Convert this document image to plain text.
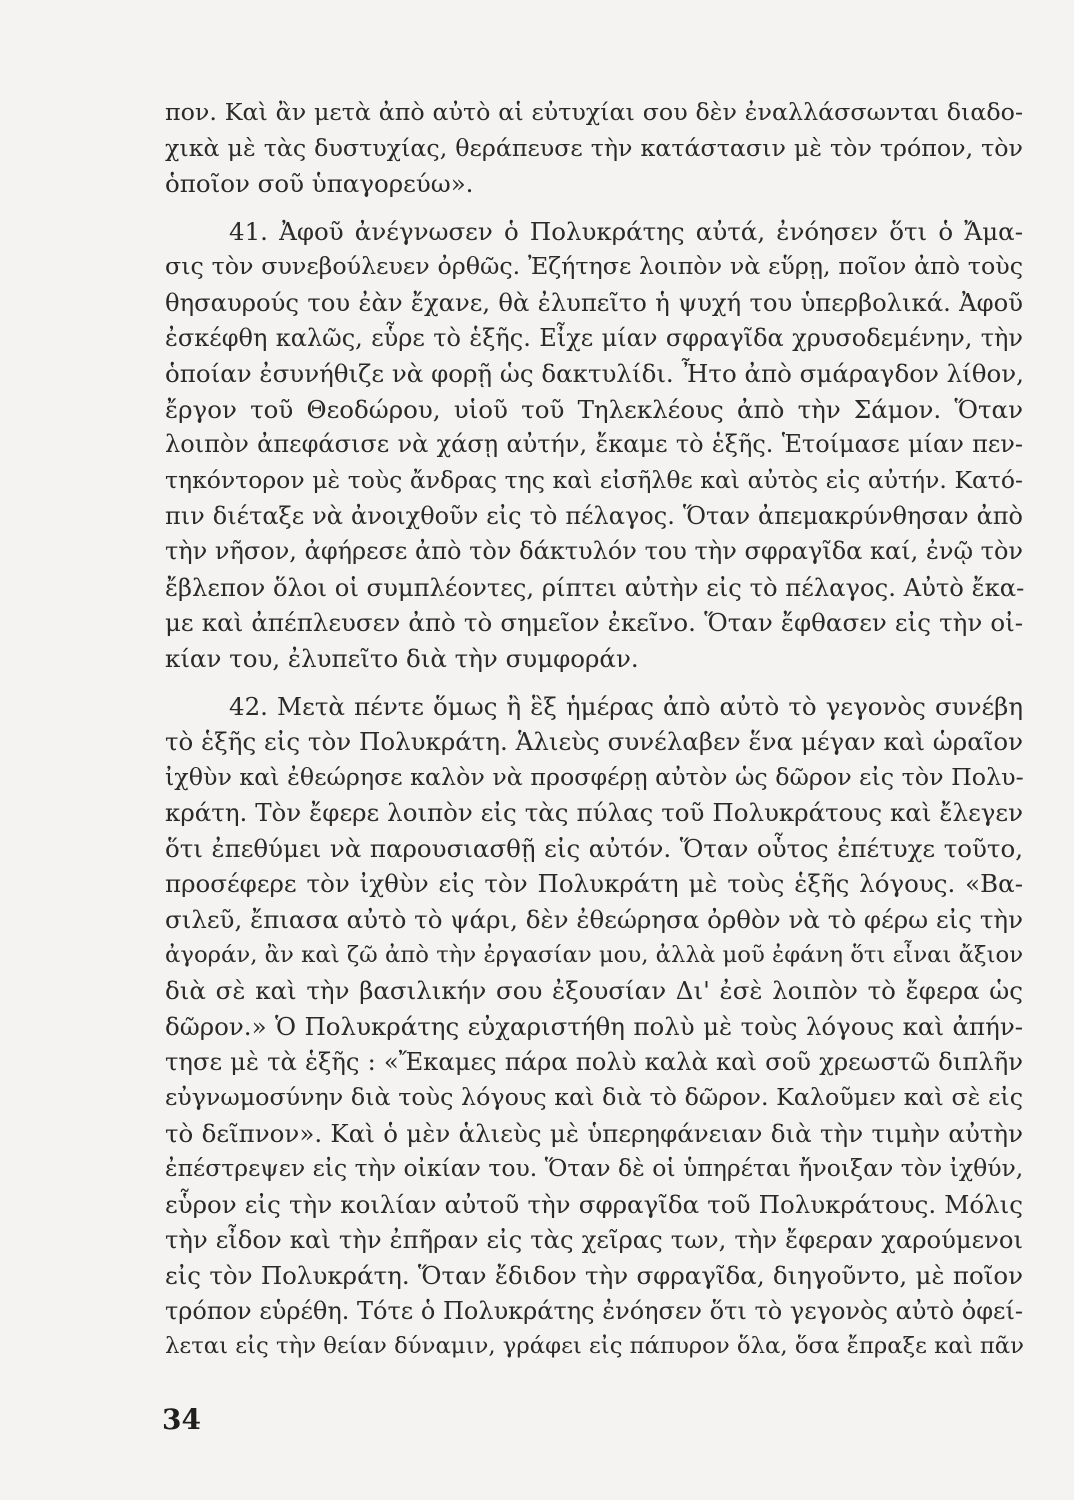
πον. Καὶ ἂν μετὰ ἀπὸ αὐτὸ αἱ εὐτυχίαι σου δὲν ἐναλλάσσωνται διαδο-
χικὰ μὲ τὰς δυστυχίας, θεράπευσε τὴν κατάστασιν μὲ τὸν τρόπον, τὸν
ὁποῖον σοῦ ὑπαγορεύω».
41. Ἀφοῦ ἀνέγνωσεν ὁ Πολυκράτης αὐτά, ἐνόησεν ὅτι ὁ Ἄμα-
σις τὸν συνεβούλευεν ὀρθῶς. Ἐζήτησε λοιπὸν νὰ εὕρῃ, ποῖον ἀπὸ τοὺς
θησαυρούς του ἐὰν ἔχανε, θὰ ἐλυπεῖτο ἡ ψυχή του ὑπερβολικά. Ἀφοῦ
ἐσκέφθη καλῶς, εὗρε τὸ ἑξῆς. Εἶχε μίαν σφραγῖδα χρυσοδεμένην, τὴν
ὁποίαν ἐσυνήθιζε νὰ φορῇ ὡς δακτυλίδι. Ἦτο ἀπὸ σμάραγδον λίθον,
ἔργον τοῦ Θεοδώρου, υἱοῦ τοῦ Τηλεκλέους ἀπὸ τὴν Σάμον. Ὅταν
λοιπὸν ἀπεφάσισε νὰ χάσῃ αὐτήν, ἔκαμε τὸ ἑξῆς. Ἑτοίμασε μίαν πεν-
τηκόντορον μὲ τοὺς ἄνδρας της καὶ εἰσῆλθε καὶ αὐτὸς εἰς αὐτήν. Κατό-
πιν διέταξε νὰ ἀνοιχθοῦν εἰς τὸ πέλαγος. Ὅταν ἀπεμακρύνθησαν ἀπὸ
τὴν νῆσον, ἀφήρεσε ἀπὸ τὸν δάκτυλόν του τὴν σφραγῖδα καί, ἐνῷ τὸν
ἔβλεπον ὅλοι οἱ συμπλέοντες, ρίπτει αὐτὴν εἰς τὸ πέλαγος. Αὐτὸ ἔκα-
με καὶ ἀπέπλευσεν ἀπὸ τὸ σημεῖον ἐκεῖνο. Ὅταν ἔφθασεν εἰς τὴν οἰ-
κίαν του, ἐλυπεῖτο διὰ τὴν συμφοράν.
42. Μετὰ πέντε ὅμως ἢ ἓξ ἡμέρας ἀπὸ αὐτὸ τὸ γεγονὸς συνέβη
τὸ ἑξῆς εἰς τὸν Πολυκράτη. Ἁλιεὺς συνέλαβεν ἕνα μέγαν καὶ ὡραῖον
ἰχθὺν καὶ ἐθεώρησε καλὸν νὰ προσφέρῃ αὐτὸν ὡς δῶρον εἰς τὸν Πολυ-
κράτη. Τὸν ἔφερε λοιπὸν εἰς τὰς πύλας τοῦ Πολυκράτους καὶ ἔλεγεν
ὅτι ἐπεθύμει νὰ παρουσιασθῇ εἰς αὐτόν. Ὅταν οὗτος ἐπέτυχε τοῦτο,
προσέφερε τὸν ἰχθὺν εἰς τὸν Πολυκράτη μὲ τοὺς ἑξῆς λόγους. «Βα-
σιλεῦ, ἔπιασα αὐτὸ τὸ ψάρι, δὲν ἐθεώρησα ὀρθὸν νὰ τὸ φέρω εἰς τὴν
ἀγοράν, ἂν καὶ ζῶ ἀπὸ τὴν ἐργασίαν μου, ἀλλὰ μοῦ ἐφάνη ὅτι εἶναι ἄξιον
διὰ σὲ καὶ τὴν βασιλικήν σου ἐξουσίαν Δι' ἐσὲ λοιπὸν τὸ ἔφερα ὡς
δῶρον.» Ὁ Πολυκράτης εὐχαριστήθη πολὺ μὲ τοὺς λόγους καὶ ἀπήν-
τησε μὲ τὰ ἑξῆς : «Ἔκαμες πάρα πολὺ καλὰ καὶ σοῦ χρεωστῶ διπλῆν
εὐγνωμοσύνην διὰ τοὺς λόγους καὶ διὰ τὸ δῶρον. Καλοῦμεν καὶ σὲ εἰς
τὸ δεῖπνον». Καὶ ὁ μὲν ἁλιεὺς μὲ ὑπερηφάνειαν διὰ τὴν τιμὴν αὐτὴν
ἐπέστρεψεν εἰς τὴν οἰκίαν του. Ὅταν δὲ οἱ ὑπηρέται ἤνοιξαν τὸν ἰχθύν,
εὗρον εἰς τὴν κοιλίαν αὐτοῦ τὴν σφραγῖδα τοῦ Πολυκράτους. Μόλις
τὴν εἶδον καὶ τὴν ἐπῆραν εἰς τὰς χεῖρας των, τὴν ἔφεραν χαρούμενοι
εἰς τὸν Πολυκράτη. Ὅταν ἔδιδον τὴν σφραγῖδα, διηγοῦντο, μὲ ποῖον
τρόπον εὑρέθη. Τότε ὁ Πολυκράτης ἐνόησεν ὅτι τὸ γεγονὸς αὐτὸ ὀφεί-
λεται εἰς τὴν θείαν δύναμιν, γράφει εἰς πάπυρον ὅλα, ὅσα ἔπραξε καὶ πᾶν
34
